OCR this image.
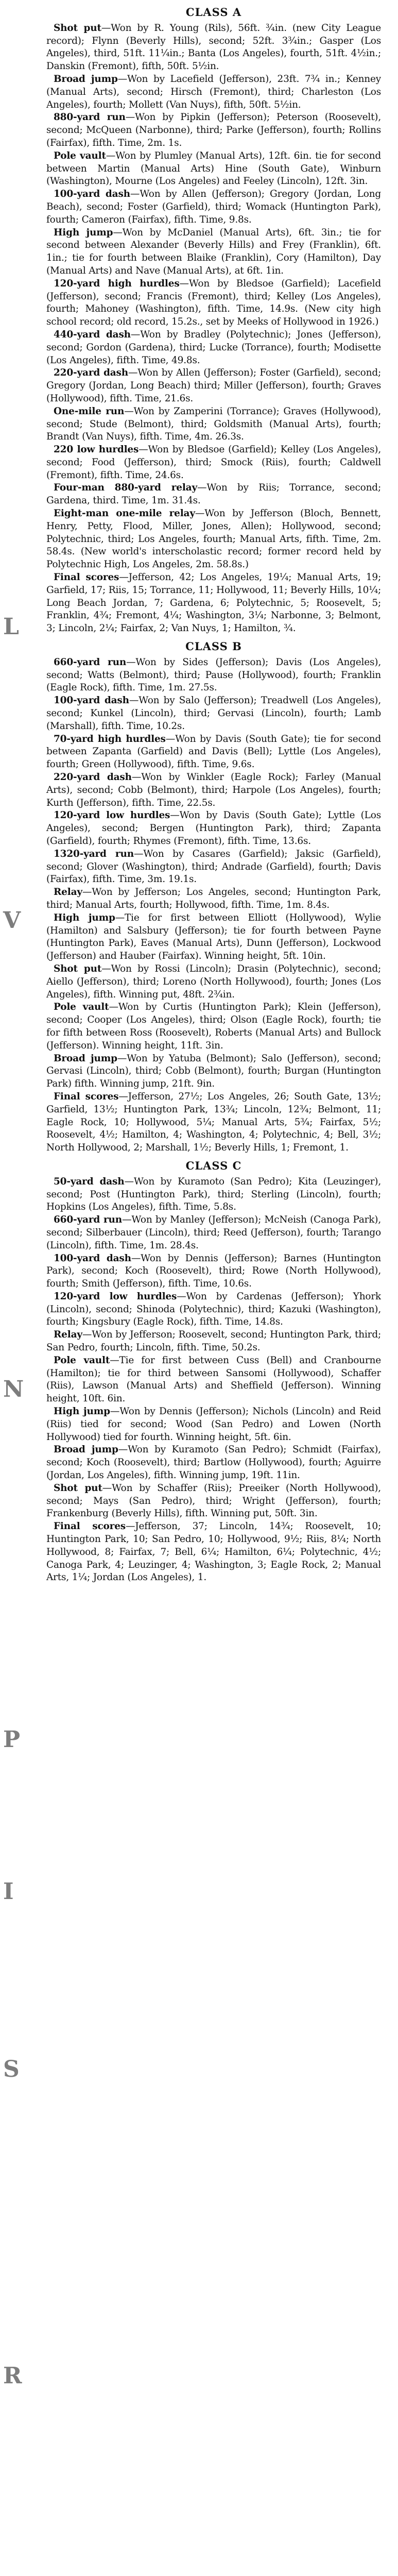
L
V
N
P
I
S
R
CLASS A

Shot put—Won by R. Young (Rils), 56ft. ¾in. (new City League record); Flynn (Beverly Hills), second; 52ft. 3¾in.; Gasper (Los Angeles), third, 51ft. 11¼in.; Banta (Los Angeles), fourth, 51ft. 4½in.; Danskin (Fremont), fifth, 50ft. 5½in.

Broad jump—Won by Lacefield (Jefferson), 23ft. 7¾ in.; Kenney (Manual Arts), second; Hirsch (Fremont), third; Charleston (Los Angeles), fourth; Mollett (Van Nuys), fifth, 50ft. 5½in.

880-yard run—Won by Pipkin (Jefferson); Peterson (Roosevelt), second; McQueen (Narbonne), third; Parke (Jefferson), fourth; Rollins (Fairfax), fifth. Time, 2m. 1s.

Pole vault—Won by Plumley (Manual Arts), 12ft. 6in. tie for second between Martin (Manual Arts) Hine (South Gate), Winburn (Washington), Mourne (Los Angeles) and Feeley (Lincoln), 12ft. 3in.

100-yard dash—Won by Allen (Jefferson); Gregory (Jordan, Long Beach), second; Foster (Garfield), third; Womack (Huntington Park), fourth; Cameron (Fairfax), fifth. Time, 9.8s.

High jump—Won by McDaniel (Manual Arts), 6ft. 3in.; tie for second between Alexander (Beverly Hills) and Frey (Franklin), 6ft. 1in.; tie for fourth between Blaike (Franklin), Cory (Hamilton), Day (Manual Arts) and Nave (Manual Arts), at 6ft. 1in.

120-yard high hurdles—Won by Bledsoe (Garfield); Lacefield (Jefferson), second; Francis (Fremont), third; Kelley (Los Angeles), fourth; Mahoney (Washington), fifth. Time, 14.9s. (New city high school record; old record, 15.2s., set by Meeks of Hollywood in 1926.)

440-yard dash—Won by Bradley (Polytechnic); Jones (Jefferson), second; Gordon (Gardena), third; Lucke (Torrance), fourth; Modisette (Los Angeles), fifth. Time, 49.8s.

220-yard dash—Won by Allen (Jefferson); Foster (Garfield), second; Gregory (Jordan, Long Beach) third; Miller (Jefferson), fourth; Graves (Hollywood), fifth. Time, 21.6s.

One-mile run—Won by Zamperini (Torrance); Graves (Hollywood), second; Stude (Belmont), third; Goldsmith (Manual Arts), fourth; Brandt (Van Nuys), fifth. Time, 4m. 26.3s.

220 low hurdles—Won by Bledsoe (Garfield); Kelley (Los Angeles), second; Food (Jefferson), third; Smock (Riis), fourth; Caldwell (Fremont), fifth. Time, 24.6s.

Four-man 880-yard relay—Won by Riis; Torrance, second; Gardena, third. Time, 1m. 31.4s.

Eight-man one-mile relay—Won by Jefferson (Bloch, Bennett, Henry, Petty, Flood, Miller, Jones, Allen); Hollywood, second; Polytechnic, third; Los Angeles, fourth; Manual Arts, fifth. Time, 2m. 58.4s. (New world's interscholastic record; former record held by Polytechnic High, Los Angeles, 2m. 58.8s.)

Final scores—Jefferson, 42; Los Angeles, 19¼; Manual Arts, 19; Garfield, 17; Riis, 15; Torrance, 11; Hollywood, 11; Beverly Hills, 10¼; Long Beach Jordan, 7; Gardena, 6; Polytechnic, 5; Roosevelt, 5; Franklin, 4¾; Fremont, 4¼; Washington, 3¼; Narbonne, 3; Belmont, 3; Lincoln, 2¼; Fairfax, 2; Van Nuys, 1; Hamilton, ¾.

CLASS B

660-yard run—Won by Sides (Jefferson); Davis (Los Angeles), second; Watts (Belmont), third; Pause (Hollywood), fourth; Franklin (Eagle Rock), fifth. Time, 1m. 27.5s.

100-yard dash—Won by Salo (Jefferson); Treadwell (Los Angeles), second; Kunkel (Lincoln), third; Gervasi (Lincoln), fourth; Lamb (Marshall), fifth. Time, 10.2s.

70-yard high hurdles—Won by Davis (South Gate); tie for second between Zapanta (Garfield) and Davis (Bell); Lyttle (Los Angeles), fourth; Green (Hollywood), fifth. Time, 9.6s.

220-yard dash—Won by Winkler (Eagle Rock); Farley (Manual Arts), second; Cobb (Belmont), third; Harpole (Los Angeles), fourth; Kurth (Jefferson), fifth. Time, 22.5s.

120-yard low hurdles—Won by Davis (South Gate); Lyttle (Los Angeles), second; Bergen (Huntington Park), third; Zapanta (Garfield), fourth; Rhymes (Fremont), fifth. Time, 13.6s.

1320-yard run—Won by Casares (Garfield); Jaksic (Garfield), second; Glover (Washington), third; Andrade (Garfield), fourth; Davis (Fairfax), fifth. Time, 3m. 19.1s.

Relay—Won by Jefferson; Los Angeles, second; Huntington Park, third; Manual Arts, fourth; Hollywood, fifth. Time, 1m. 8.4s.

High jump—Tie for first between Elliott (Hollywood), Wylie (Hamilton) and Salsbury (Jefferson); tie for fourth between Payne (Huntington Park), Eaves (Manual Arts), Dunn (Jefferson), Lockwood (Jefferson) and Hauber (Fairfax). Winning height, 5ft. 10in.

Shot put—Won by Rossi (Lincoln); Drasin (Polytechnic), second; Aiello (Jefferson), third; Loreno (North Hollywood), fourth; Jones (Los Angeles), fifth. Winning put, 48ft. 2¾in.

Pole vault—Won by Curtis (Huntington Park); Klein (Jefferson), second; Cooper (Los Angeles), third; Olson (Eagle Rock), fourth; tie for fifth between Ross (Roosevelt), Roberts (Manual Arts) and Bullock (Jefferson). Winning height, 11ft. 3in.

Broad jump—Won by Yatuba (Belmont); Salo (Jefferson), second; Gervasi (Lincoln), third; Cobb (Belmont), fourth; Burgan (Huntington Park) fifth. Winning jump, 21ft. 9in.

Final scores—Jefferson, 27½; Los Angeles, 26; South Gate, 13½; Garfield, 13½; Huntington Park, 13¾; Lincoln, 12¾; Belmont, 11; Eagle Rock, 10; Hollywood, 5¼; Manual Arts, 5¾; Fairfax, 5½; Roosevelt, 4½; Hamilton, 4; Washington, 4; Polytechnic, 4; Bell, 3½; North Hollywood, 2; Marshall, 1½; Beverly Hills, 1; Fremont, 1.

CLASS C

50-yard dash—Won by Kuramoto (San Pedro); Kita (Leuzinger), second; Post (Huntington Park), third; Sterling (Lincoln), fourth; Hopkins (Los Angeles), fifth. Time, 5.8s.

660-yard run—Won by Manley (Jefferson); McNeish (Canoga Park), second; Silberbauer (Lincoln), third; Reed (Jefferson), fourth; Tarango (Lincoln), fifth. Time, 1m. 28.4s.

100-yard dash—Won by Dennis (Jefferson); Barnes (Huntington Park), second; Koch (Roosevelt), third; Rowe (North Hollywood), fourth; Smith (Jefferson), fifth. Time, 10.6s.

120-yard low hurdles—Won by Cardenas (Jefferson); Yhork (Lincoln), second; Shinoda (Polytechnic), third; Kazuki (Washington), fourth; Kingsbury (Eagle Rock), fifth. Time, 14.8s.

Relay—Won by Jefferson; Roosevelt, second; Huntington Park, third; San Pedro, fourth; Lincoln, fifth. Time, 50.2s.

Pole vault—Tie for first between Cuss (Bell) and Cranbourne (Hamilton); tie for third between Sansomi (Hollywood), Schaffer (Riis), Lawson (Manual Arts) and Sheffield (Jefferson). Winning height, 10ft. 6in.

High jump—Won by Dennis (Jefferson); Nichols (Lincoln) and Reid (Riis) tied for second; Wood (San Pedro) and Lowen (North Hollywood) tied for fourth. Winning height, 5ft. 6in.

Broad jump—Won by Kuramoto (San Pedro); Schmidt (Fairfax), second; Koch (Roosevelt), third; Bartlow (Hollywood), fourth; Aguirre (Jordan, Los Angeles), fifth. Winning jump, 19ft. 11in.

Shot put—Won by Schaffer (Riis); Preeiker (North Hollywood), second; Mays (San Pedro), third; Wright (Jefferson), fourth; Frankenburg (Beverly Hills), fifth. Winning put, 50ft. 3in.

Final scores—Jefferson, 37; Lincoln, 14¾; Roosevelt, 10; Huntington Park, 10; San Pedro, 10; Hollywood, 9½; Riis, 8¼; North Hollywood, 8; Fairfax, 7; Bell, 6¼; Hamilton, 6¼; Polytechnic, 4½; Canoga Park, 4; Leuzinger, 4; Washington, 3; Eagle Rock, 2; Manual Arts, 1¼; Jordan (Los Angeles), 1.
